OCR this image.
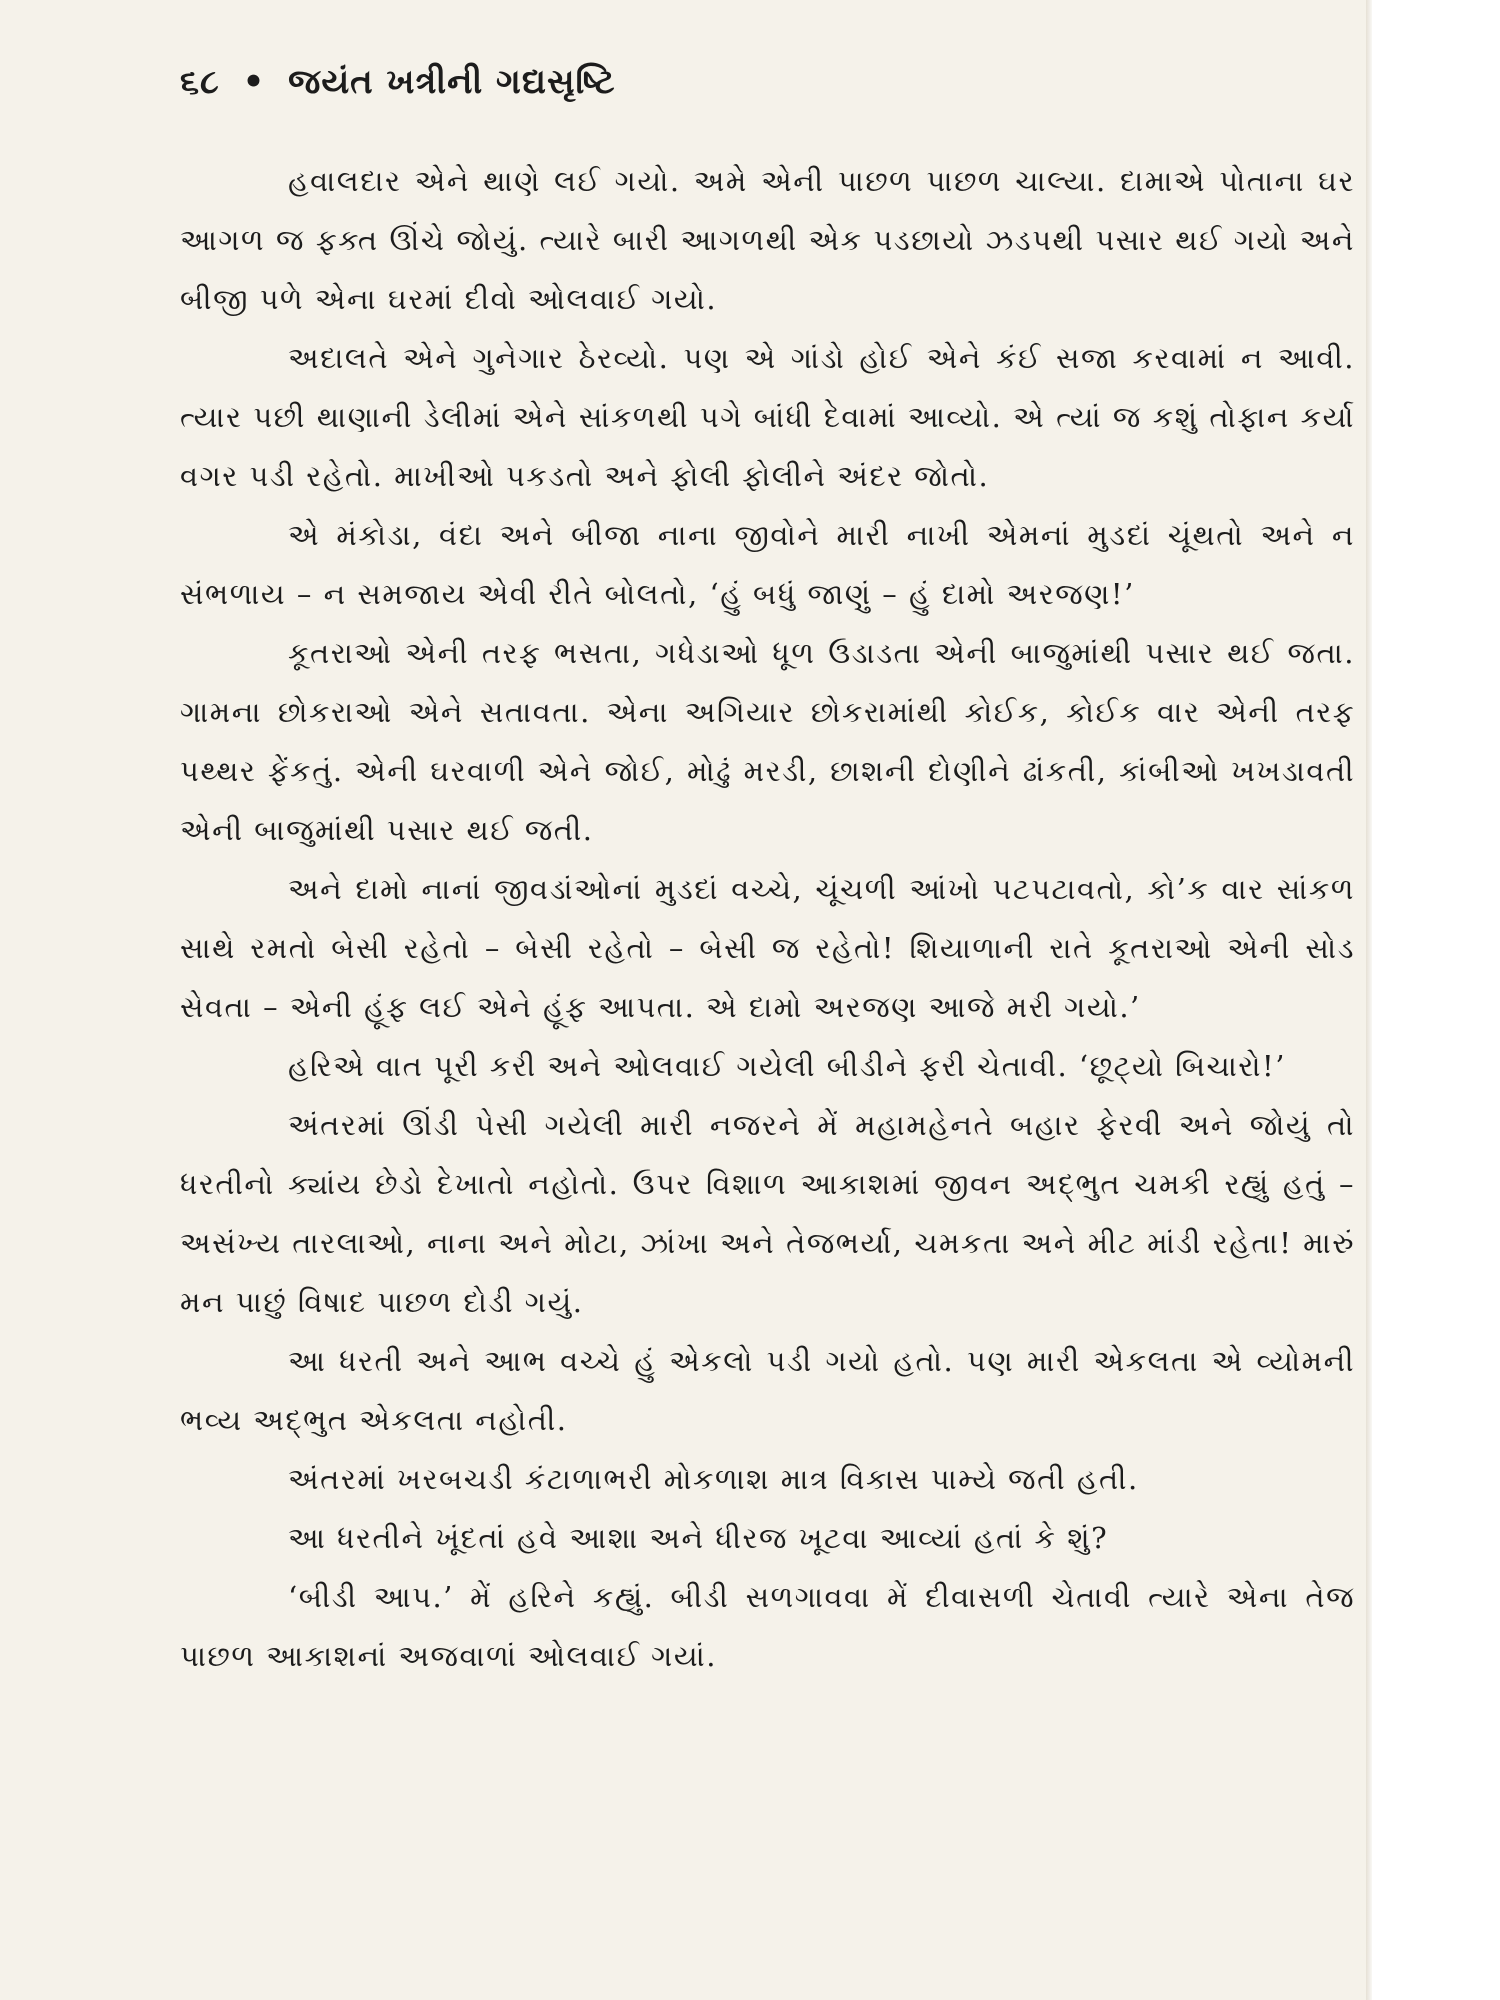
૬૮ • જયંત ખત્રીની ગદ્યસૃષ્ટિ

હવાલદાર એને થાણે લઈ ગયો. અમે એની પાછળ પાછળ ચાલ્યા. દામાએ પોતાના ઘર આગળ જ ફક્ત ઊંચે જોયું. ત્યારે બારી આગળથી એક પડછાયો ઝડપથી પસાર થઈ ગયો અને બીજી પળે એના ઘરમાં દીવો ઓલવાઈ ગયો.

અદાલતે એને ગુનેગાર ઠેરવ્યો. પણ એ ગાંડો હોઈ એને કંઈ સજા કરવામાં ન આવી. ત્યાર પછી થાણાની ડેલીમાં એને સાંકળથી પગે બાંધી દેવામાં આવ્યો. એ ત્યાં જ કશું તોફાન કર્યા વગર પડી રહેતો. માખીઓ પકડતો અને ફોલી ફોલીને અંદર જોતો.

એ મંકોડા, વંદા અને બીજા નાના જીવોને મારી નાખી એમનાં મુડદાં ચૂંથતો અને ન સંભળાય – ન સમજાય એવી રીતે બોલતો, ‘હું બધું જાણું – હું દામો અરજણ!’

કૂતરાઓ એની તરફ ભસતા, ગધેડાઓ ધૂળ ઉડાડતા એની બાજુમાંથી પસાર થઈ જતા. ગામના છોકરાઓ એને સતાવતા. એના અગિયાર છોકરામાંથી કોઈક, કોઈક વાર એની તરફ પથ્થર ફેંકતું. એની ઘરવાળી એને જોઈ, મોઢું મરડી, છાશની દોણીને ઢાંકતી, કાંબીઓ ખખડાવતી એની બાજુમાંથી પસાર થઈ જતી.

અને દામો નાનાં જીવડાંઓનાં મુડદાં વચ્ચે, ચૂંચળી આંખો પટપટાવતો, કો’ક વાર સાંકળ સાથે રમતો બેસી રહેતો – બેસી રહેતો – બેસી જ રહેતો! શિયાળાની રાતે કૂતરાઓ એની સોડ સેવતા – એની હૂંફ લઈ એને હૂંફ આપતા. એ દામો અરજણ આજે મરી ગયો.’

હરિએ વાત પૂરી કરી અને ઓલવાઈ ગયેલી બીડીને ફરી ચેતાવી. ‘છૂટ્યો બિચારો!’

અંતરમાં ઊંડી પેસી ગયેલી મારી નજરને મેં મહામહેનતે બહાર ફેરવી અને જોયું તો ધરતીનો ક્યાંય છેડો દેખાતો નહોતો. ઉપર વિશાળ આકાશમાં જીવન અદ્ભુત ચમકી રહ્યું હતું – અસંખ્ય તારલાઓ, નાના અને મોટા, ઝાંખા અને તેજભર્યા, ચમકતા અને મીટ માંડી રહેતા! મારું મન પાછું વિષાદ પાછળ દોડી ગયું.

આ ધરતી અને આભ વચ્ચે હું એકલો પડી ગયો હતો. પણ મારી એકલતા એ વ્યોમની ભવ્ય અદ્ભુત એકલતા નહોતી.

અંતરમાં ખરબચડી કંટાળાભરી મોકળાશ માત્ર વિકાસ પામ્યે જતી હતી.

આ ધરતીને ખૂંદતાં હવે આશા અને ધીરજ ખૂટવા આવ્યાં હતાં કે શું?

‘બીડી આપ.’ મેં હરિને કહ્યું. બીડી સળગાવવા મેં દીવાસળી ચેતાવી ત્યારે એના તેજ પાછળ આકાશનાં અજવાળાં ઓલવાઈ ગયાં.
